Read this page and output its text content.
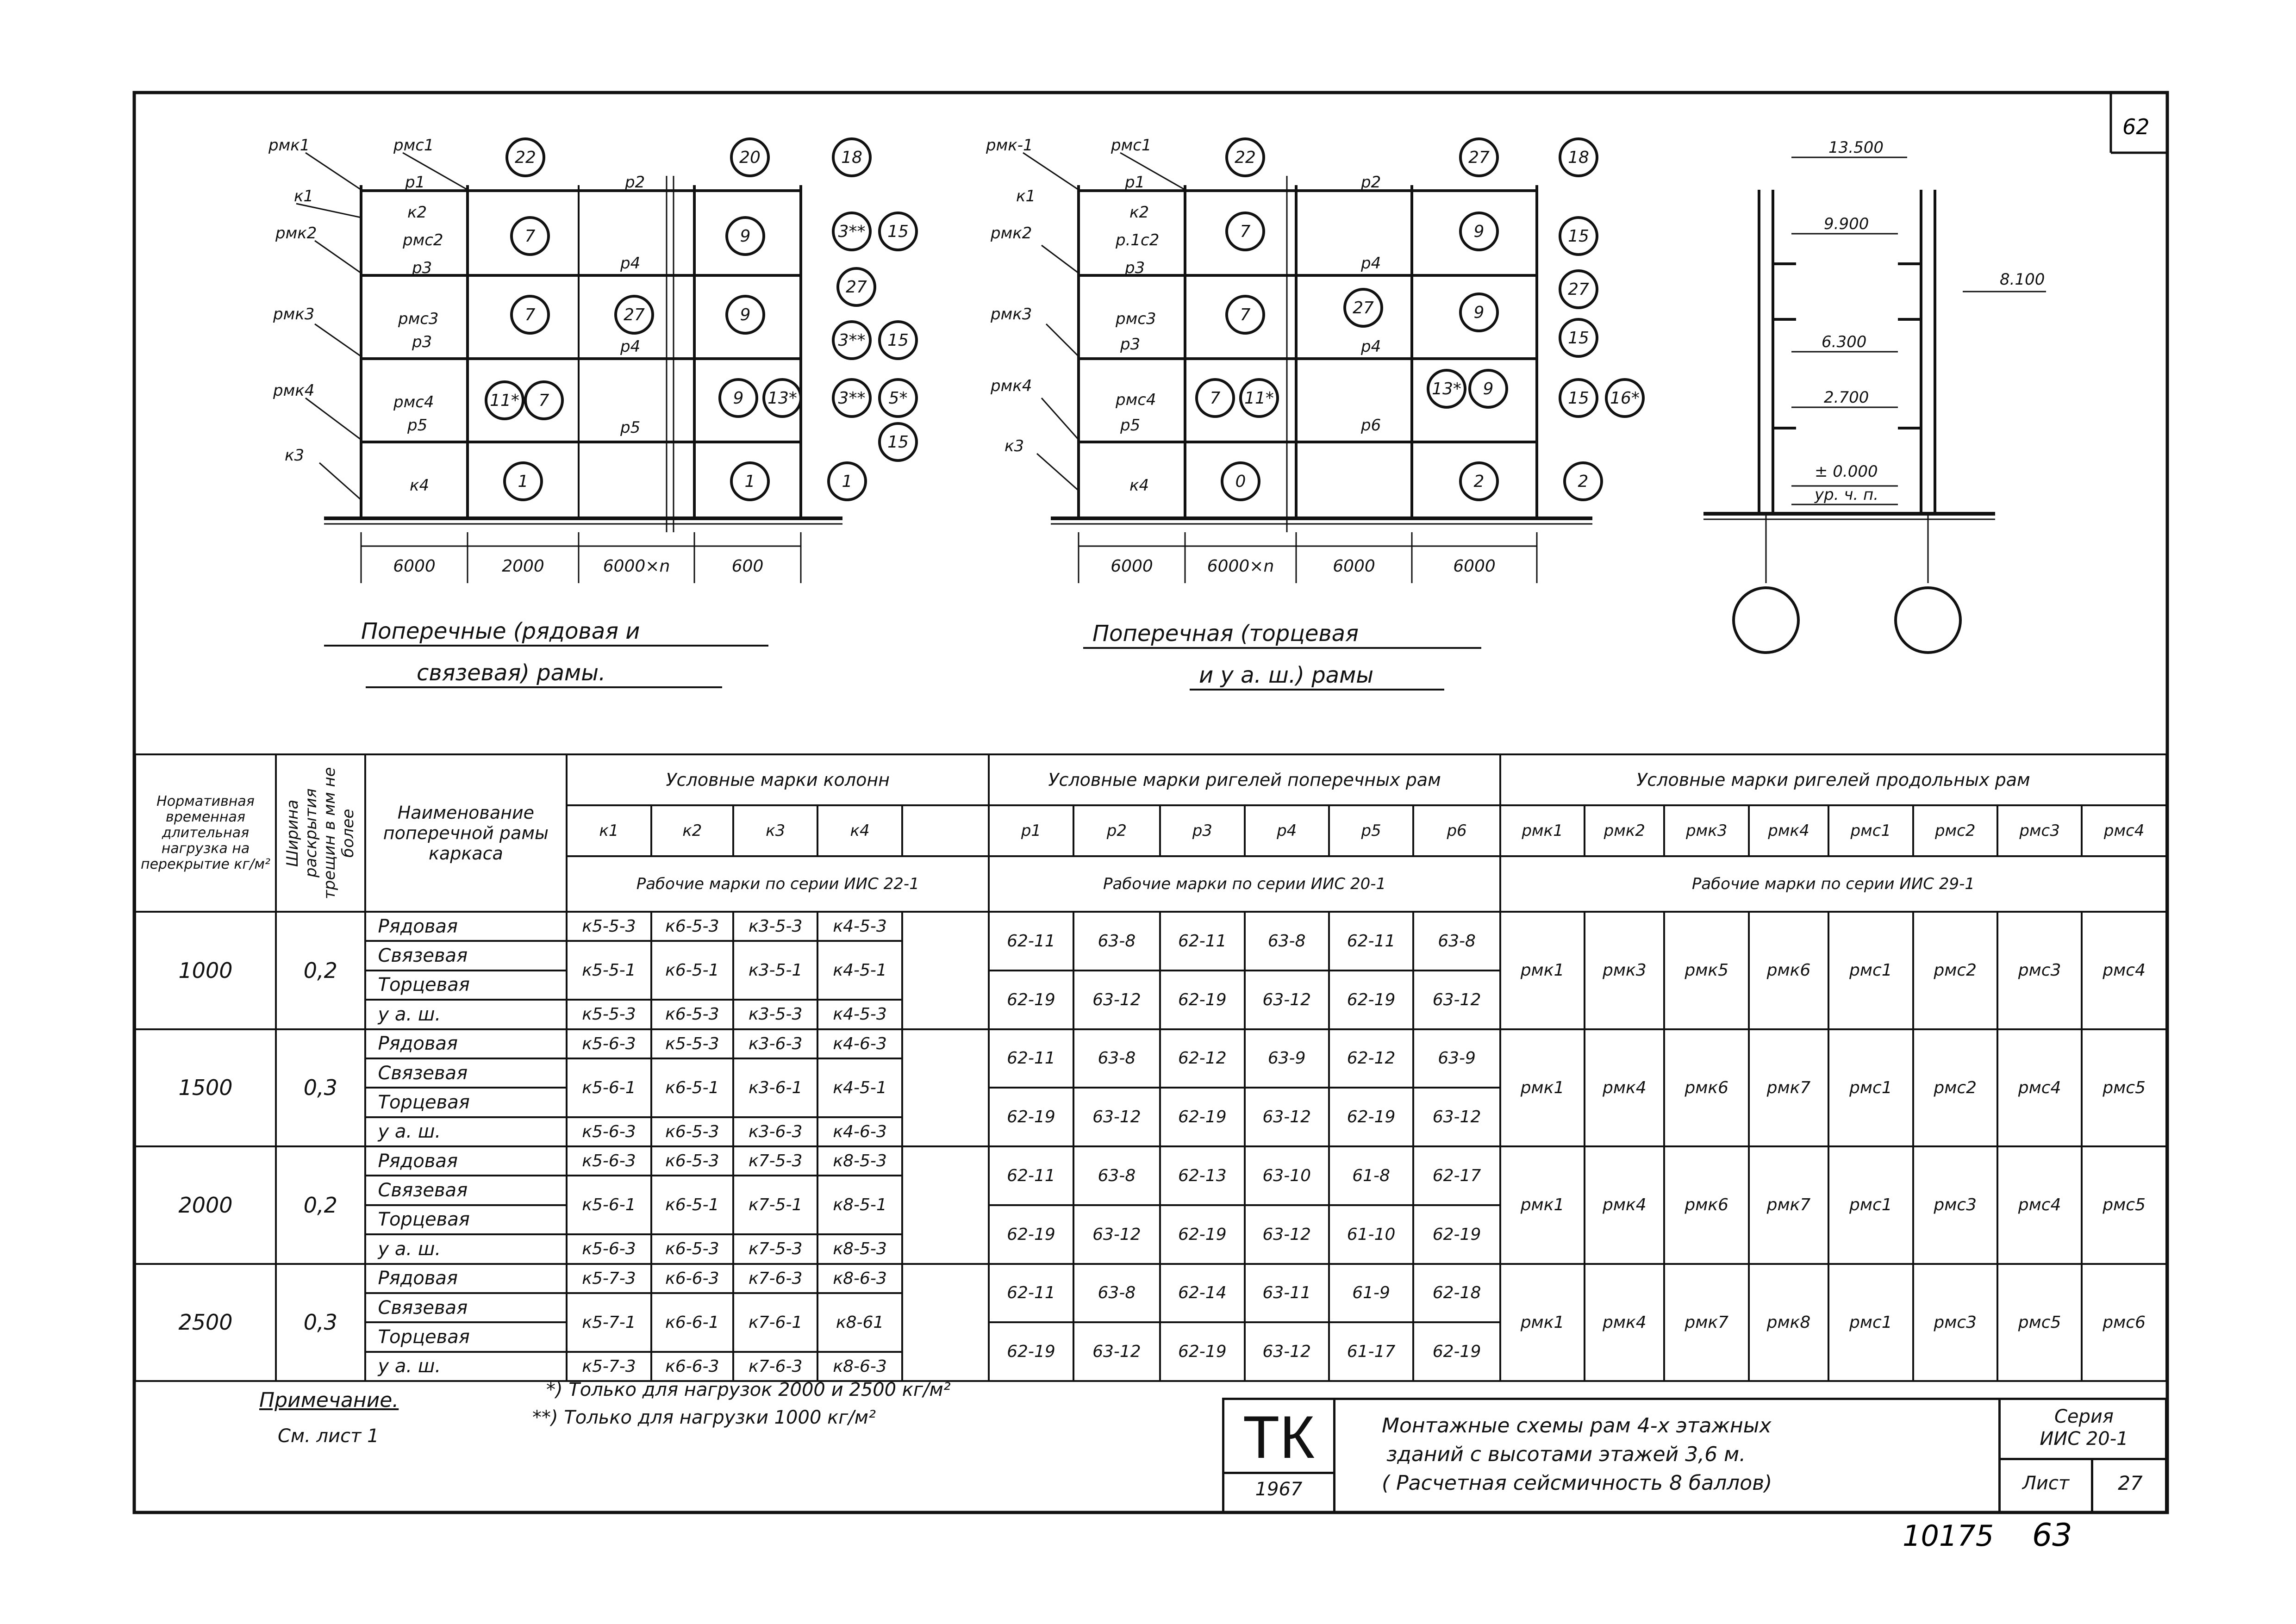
62
рмк1	рмс1
к1
к2
рмс2
рмк2
р1	р2
р3	р4
рмк3	рмс3
р3	р4
рмк4
рмс4
р5	р5
к3
к4
22	20	18
7	9	3** 15
27
7	27	9
3** 15
11* 7	9 13* 3** 5*
15
1	1	1
6000	2000	6000×n	600
Поперечные (рядовая и
связевая) рамы.
рмк-1	рмс1
к1
к2
рмк2	р.1с2
р3
р1	р2
р4
рмк3	рмс3
р3	р4
рмк4
рмс4
р5	р6
к3
к4
22	27	18
7	9	15
27
7	27	9
15
7 11*	13* 9	15 16*
0	2	2
6000	6000×n	6000	6000
Поперечная (торцевая
и у а. ш.) рамы
13.500
9.900
8.100
6.300
2.700
± 0.000
ур. ч. п.
10175 63
Нормативная временная длительная нагрузка на перекрытие кг/м²	Ширина раскрытия трещин в мм не более	Наименование поперечной рамы каркаса	Условные марки колонн					Условные марки ригелей поперечных рам						Условные марки ригелей продольных рам							
			к1	к2	к3	к4		р1	р2	р3	р4	р5	р6	рмк1	рмк2	рмк3	рмк4	рмс1	рмс2	рмс3	рмс4
			Рабочие марки по серии ИИС 22-1					Рабочие марки по серии ИИС 20-1						Рабочие марки по серии ИИС 29-1							
1000	0,2	Рядовая	к5-5-3	к6-5-3	к3-5-3	к4-5-3		62-11	63-8	62-11	63-8	62-11	63-8	рмк1	рмк3	рмк5	рмк6	рмс1	рмс2	рмс3	рмс4
		Связевая	к5-5-1	к6-5-1	к3-5-1	к4-5-1															
		Торцевая						62-19	63-12	62-19	63-12	62-19	63-12								
		у а. ш.	к5-5-3	к6-5-3	к3-5-3	к4-5-3															
1500	0,3	Рядовая	к5-6-3	к5-5-3	к3-6-3	к4-6-3		62-11	63-8	62-12	63-9	62-12	63-9	рмк1	рмк4	рмк6	рмк7	рмс1	рмс2	рмс4	рмс5
		Связевая	к5-6-1	к6-5-1	к3-6-1	к4-5-1															
		Торцевая						62-19	63-12	62-19	63-12	62-19	63-12								
		у а. ш.	к5-6-3	к6-5-3	к3-6-3	к4-6-3															
2000	0,2	Рядовая	к5-6-3	к6-5-3	к7-5-3	к8-5-3		62-11	63-8	62-13	63-10	61-8	62-17	рмк1	рмк4	рмк6	рмк7	рмс1	рмс3	рмс4	рмс5
		Связевая	к5-6-1	к6-5-1	к7-5-1	к8-5-1															
		Торцевая						62-19	63-12	62-19	63-12	61-10	62-19								
		у а. ш.	к5-6-3	к6-5-3	к7-5-3	к8-5-3															
2500	0,3	Рядовая	к5-7-3	к6-6-3	к7-6-3	к8-6-3		62-11	63-8	62-14	63-11	61-9	62-18	рмк1	рмк4	рмк7	рмк8	рмс1	рмс3	рмс5	рмс6
		Связевая	к5-7-1	к6-6-1	к7-6-1	к8-61															
		Торцевая						62-19	63-12	62-19	63-12	61-17	62-19								
		у а. ш.	к5-7-3	к6-6-3	к7-6-3	к8-6-3															
Примечание.
См. лист 1
*) Только для нагрузок 2000 и 2500 кг/м²
**) Только для нагрузки 1000 кг/м²	ТК
1967
Монтажные схемы рам 4-х этажных
зданий с высотами этажей 3,6 м.
( Расчетная сейсмичность 8 баллов)
Серия
ИИС 20-1
Лист	27
